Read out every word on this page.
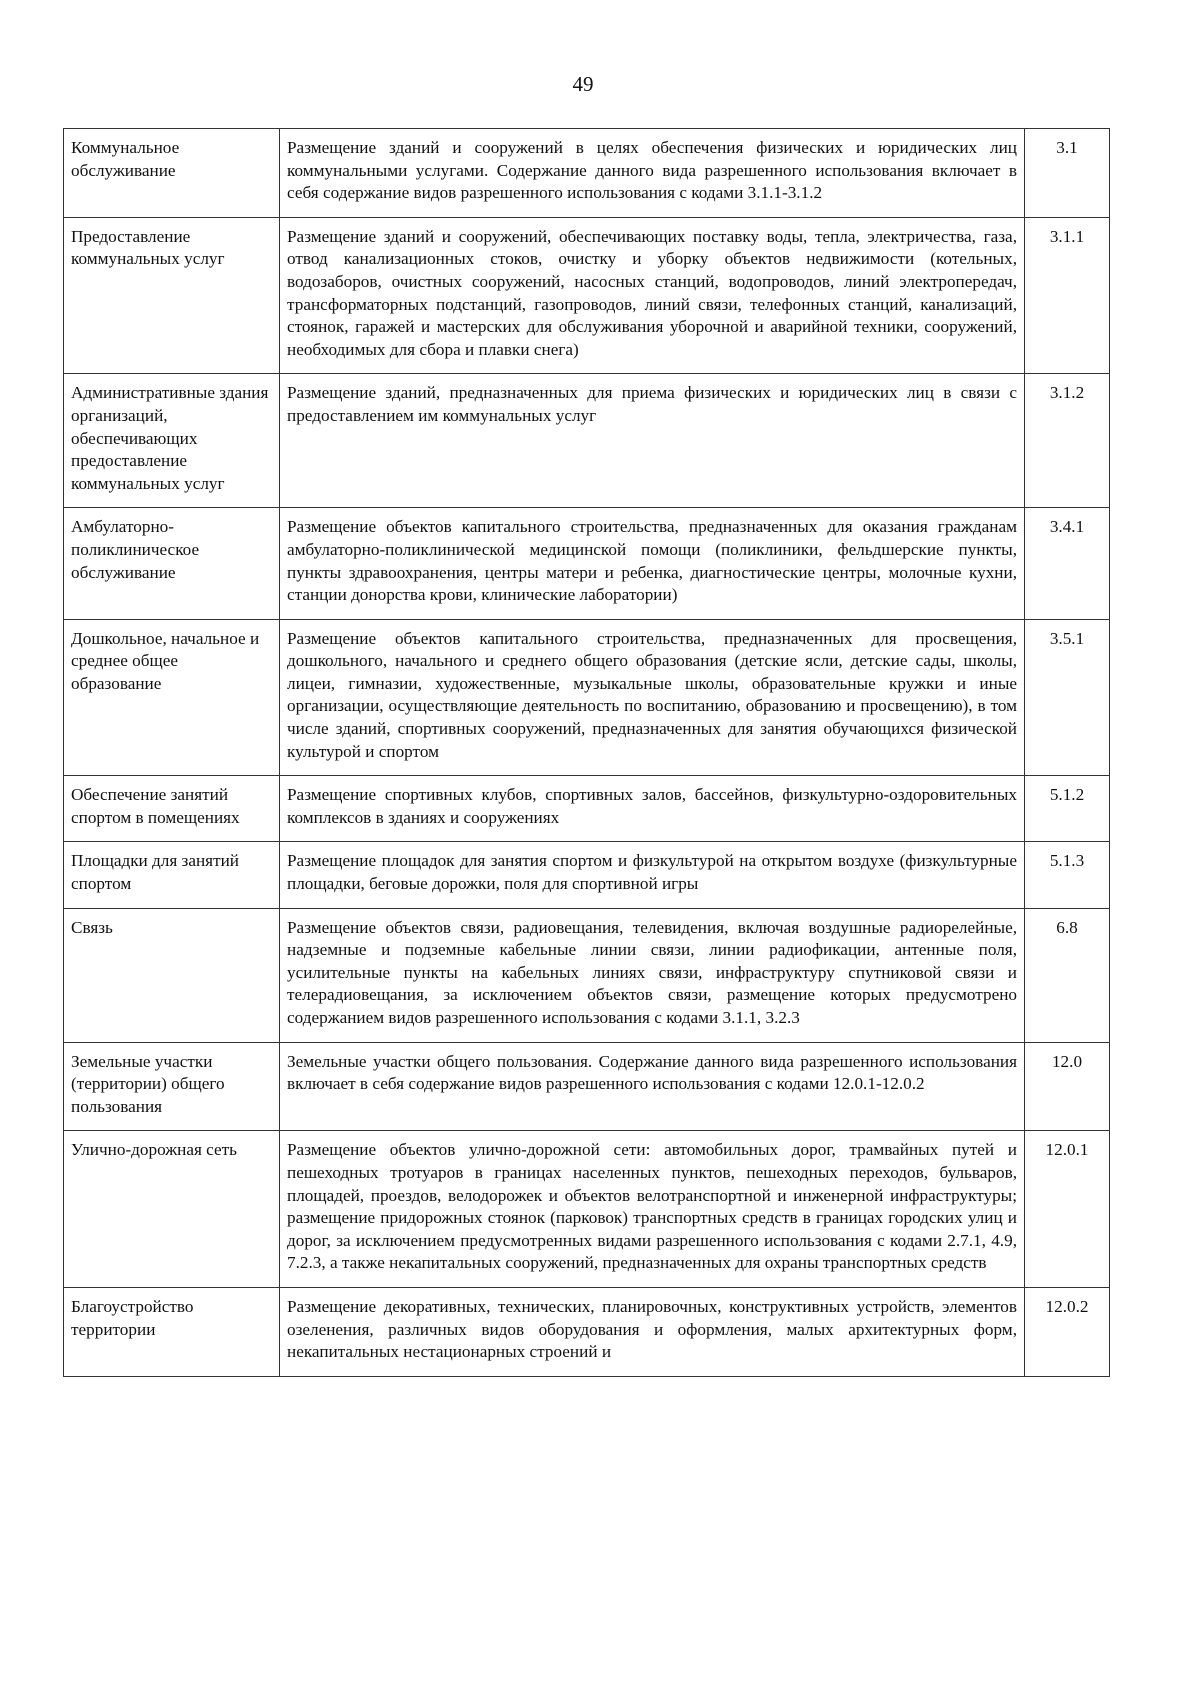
49
Коммунальное обслуживание	Размещение зданий и сооружений в целях обеспечения физических и юридических лиц коммунальными услугами. Содержание данного вида разрешенного использования включает в себя содержание видов разрешенного использования с кодами 3.1.1-3.1.2	3.1
Предоставление коммунальных услуг	Размещение зданий и сооружений, обеспечивающих поставку воды, тепла, электричества, газа, отвод канализационных стоков, очистку и уборку объектов недвижимости (котельных, водозаборов, очистных сооружений, насосных станций, водопроводов, линий электропередач, трансформаторных подстанций, газопроводов, линий связи, телефонных станций, канализаций, стоянок, гаражей и мастерских для обслуживания уборочной и аварийной техники, сооружений, необходимых для сбора и плавки снега)	3.1.1
Административные здания организаций, обеспечивающих предоставление коммунальных услуг	Размещение зданий, предназначенных для приема физических и юридических лиц в связи с предоставлением им коммунальных услуг	3.1.2
Амбулаторно-поликлиническое обслуживание	Размещение объектов капитального строительства, предназначенных для оказания гражданам амбулаторно-поликлинической медицинской помощи (поликлиники, фельдшерские пункты, пункты здравоохранения, центры матери и ребенка, диагностические центры, молочные кухни, станции донорства крови, клинические лаборатории)	3.4.1
Дошкольное, начальное и среднее общее образование	Размещение объектов капитального строительства, предназначенных для просвещения, дошкольного, начального и среднего общего образования (детские ясли, детские сады, школы, лицеи, гимназии, художественные, музыкальные школы, образовательные кружки и иные организации, осуществляющие деятельность по воспитанию, образованию и просвещению), в том числе зданий, спортивных сооружений, предназначенных для занятия обучающихся физической культурой и спортом	3.5.1
Обеспечение занятий спортом в помещениях	Размещение спортивных клубов, спортивных залов, бассейнов, физкультурно-оздоровительных комплексов в зданиях и сооружениях	5.1.2
Площадки для занятий спортом	Размещение площадок для занятия спортом и физкультурой на открытом воздухе (физкультурные площадки, беговые дорожки, поля для спортивной игры	5.1.3
Связь	Размещение объектов связи, радиовещания, телевидения, включая воздушные радиорелейные, надземные и подземные кабельные линии связи, линии радиофикации, антенные поля, усилительные пункты на кабельных линиях связи, инфраструктуру спутниковой связи и телерадиовещания, за исключением объектов связи, размещение которых предусмотрено содержанием видов разрешенного использования с кодами 3.1.1, 3.2.3	6.8
Земельные участки (территории) общего пользования	Земельные участки общего пользования. Содержание данного вида разрешенного использования включает в себя содержание видов разрешенного использования с кодами 12.0.1-12.0.2	12.0
Улично-дорожная сеть	Размещение объектов улично-дорожной сети: автомобильных дорог, трамвайных путей и пешеходных тротуаров в границах населенных пунктов, пешеходных переходов, бульваров, площадей, проездов, велодорожек и объектов велотранспортной и инженерной инфраструктуры; размещение придорожных стоянок (парковок) транспортных средств в границах городских улиц и дорог, за исключением предусмотренных видами разрешенного использования с кодами 2.7.1, 4.9, 7.2.3, а также некапитальных сооружений, предназначенных для охраны транспортных средств	12.0.1
Благоустройство территории	Размещение декоративных, технических, планировочных, конструктивных устройств, элементов озеленения, различных видов оборудования и оформления, малых архитектурных форм, некапитальных нестационарных строений и	12.0.2
